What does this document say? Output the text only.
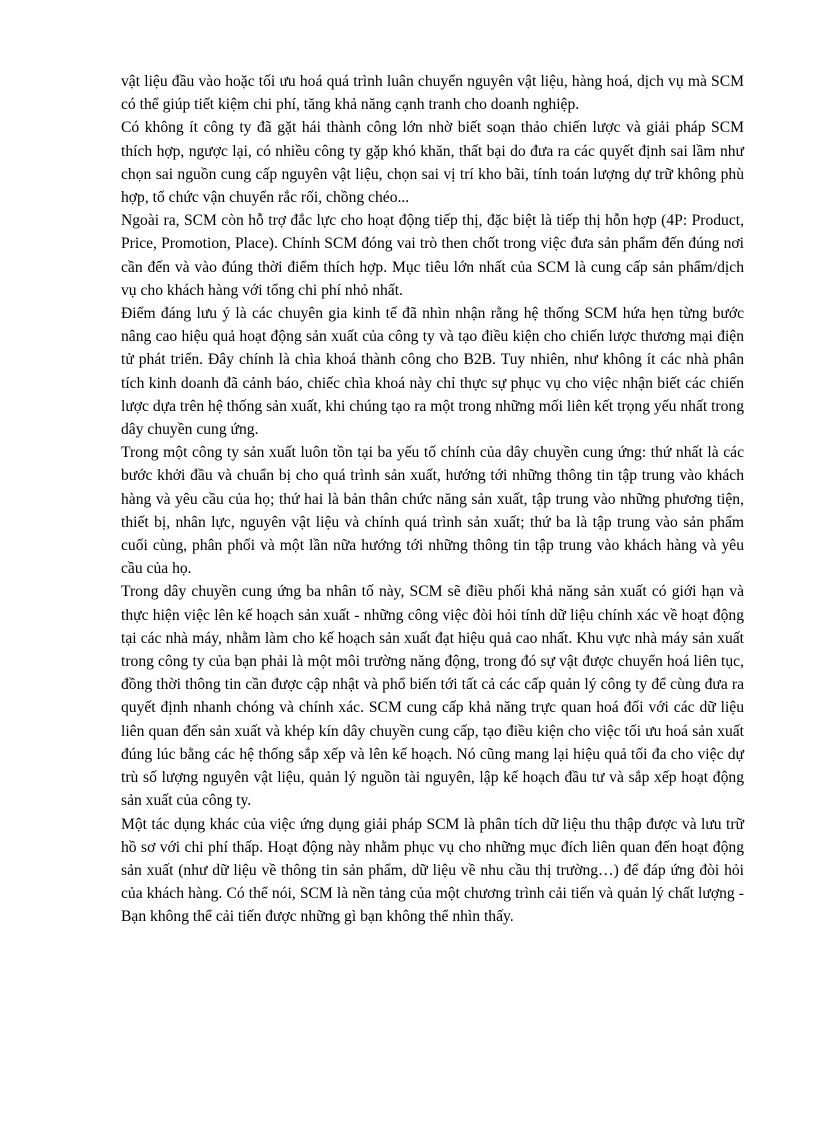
vật liệu đầu vào hoặc tối ưu hoá quá trình luân chuyển nguyên vật liệu, hàng hoá, dịch vụ mà SCM có thể giúp tiết kiệm chi phí, tăng khả năng cạnh tranh cho doanh nghiệp.

Có không ít công ty đã gặt hái thành công lớn nhờ biết soạn thảo chiến lược và giải pháp SCM thích hợp, ngược lại, có nhiều công ty gặp khó khăn, thất bại do đưa ra các quyết định sai lầm như chọn sai nguồn cung cấp nguyên vật liệu, chọn sai vị trí kho bãi, tính toán lượng dự trữ không phù hợp, tổ chức vận chuyển rắc rối, chồng chéo...

Ngoài ra, SCM còn hỗ trợ đắc lực cho hoạt động tiếp thị, đặc biệt là tiếp thị hỗn hợp (4P: Product, Price, Promotion, Place). Chính SCM đóng vai trò then chốt trong việc đưa sản phẩm đến đúng nơi cần đến và vào đúng thời điểm thích hợp. Mục tiêu lớn nhất của SCM là cung cấp sản phẩm/dịch vụ cho khách hàng với tổng chi phí nhỏ nhất.

Điểm đáng lưu ý là các chuyên gia kinh tế đã nhìn nhận rằng hệ thống SCM hứa hẹn từng bước nâng cao hiệu quả hoạt động sản xuất của công ty và tạo điều kiện cho chiến lược thương mại điện tử phát triển. Đây chính là chìa khoá thành công cho B2B. Tuy nhiên, như không ít các nhà phân tích kinh doanh đã cảnh báo, chiếc chìa khoá này chỉ thực sự phục vụ cho việc nhận biết các chiến lược dựa trên hệ thống sản xuất, khi chúng tạo ra một trong những mối liên kết trọng yếu nhất trong dây chuyền cung ứng.

Trong một công ty sản xuất luôn tồn tại ba yếu tố chính của dây chuyền cung ứng: thứ nhất là các bước khởi đầu và chuẩn bị cho quá trình sản xuất, hướng tới những thông tin tập trung vào khách hàng và yêu cầu của họ; thứ hai là bản thân chức năng sản xuất, tập trung vào những phương tiện, thiết bị, nhân lực, nguyên vật liệu và chính quá trình sản xuất; thứ ba là tập trung vào sản phẩm cuối cùng, phân phối và một lần nữa hướng tới những thông tin tập trung vào khách hàng và yêu cầu của họ.

Trong dây chuyền cung ứng ba nhân tố này, SCM sẽ điều phối khả năng sản xuất có giới hạn và thực hiện việc lên kế hoạch sản xuất - những công việc đòi hỏi tính dữ liệu chính xác về hoạt động tại các nhà máy, nhằm làm cho kế hoạch sản xuất đạt hiệu quả cao nhất. Khu vực nhà máy sản xuất trong công ty của bạn phải là một môi trường năng động, trong đó sự vật được chuyển hoá liên tục, đồng thời thông tin cần được cập nhật và phổ biến tới tất cả các cấp quản lý công ty để cùng đưa ra quyết định nhanh chóng và chính xác. SCM cung cấp khả năng trực quan hoá đối với các dữ liệu liên quan đến sản xuất và khép kín dây chuyền cung cấp, tạo điều kiện cho việc tối ưu hoá sản xuất đúng lúc bằng các hệ thống sắp xếp và lên kế hoạch. Nó cũng mang lại hiệu quả tối đa cho việc dự trù số lượng nguyên vật liệu, quản lý nguồn tài nguyên, lập kế hoạch đầu tư và sắp xếp hoạt động sản xuất của công ty.

Một tác dụng khác của việc ứng dụng giải pháp SCM là phân tích dữ liệu thu thập được và lưu trữ hồ sơ với chi phí thấp. Hoạt động này nhằm phục vụ cho những mục đích liên quan đến hoạt động sản xuất (như dữ liệu về thông tin sản phẩm, dữ liệu về nhu cầu thị trường…) để đáp ứng đòi hỏi của khách hàng. Có thể nói, SCM là nền tảng của một chương trình cải tiến và quản lý chất lượng - Bạn không thể cải tiến được những gì bạn không thể nhìn thấy.
